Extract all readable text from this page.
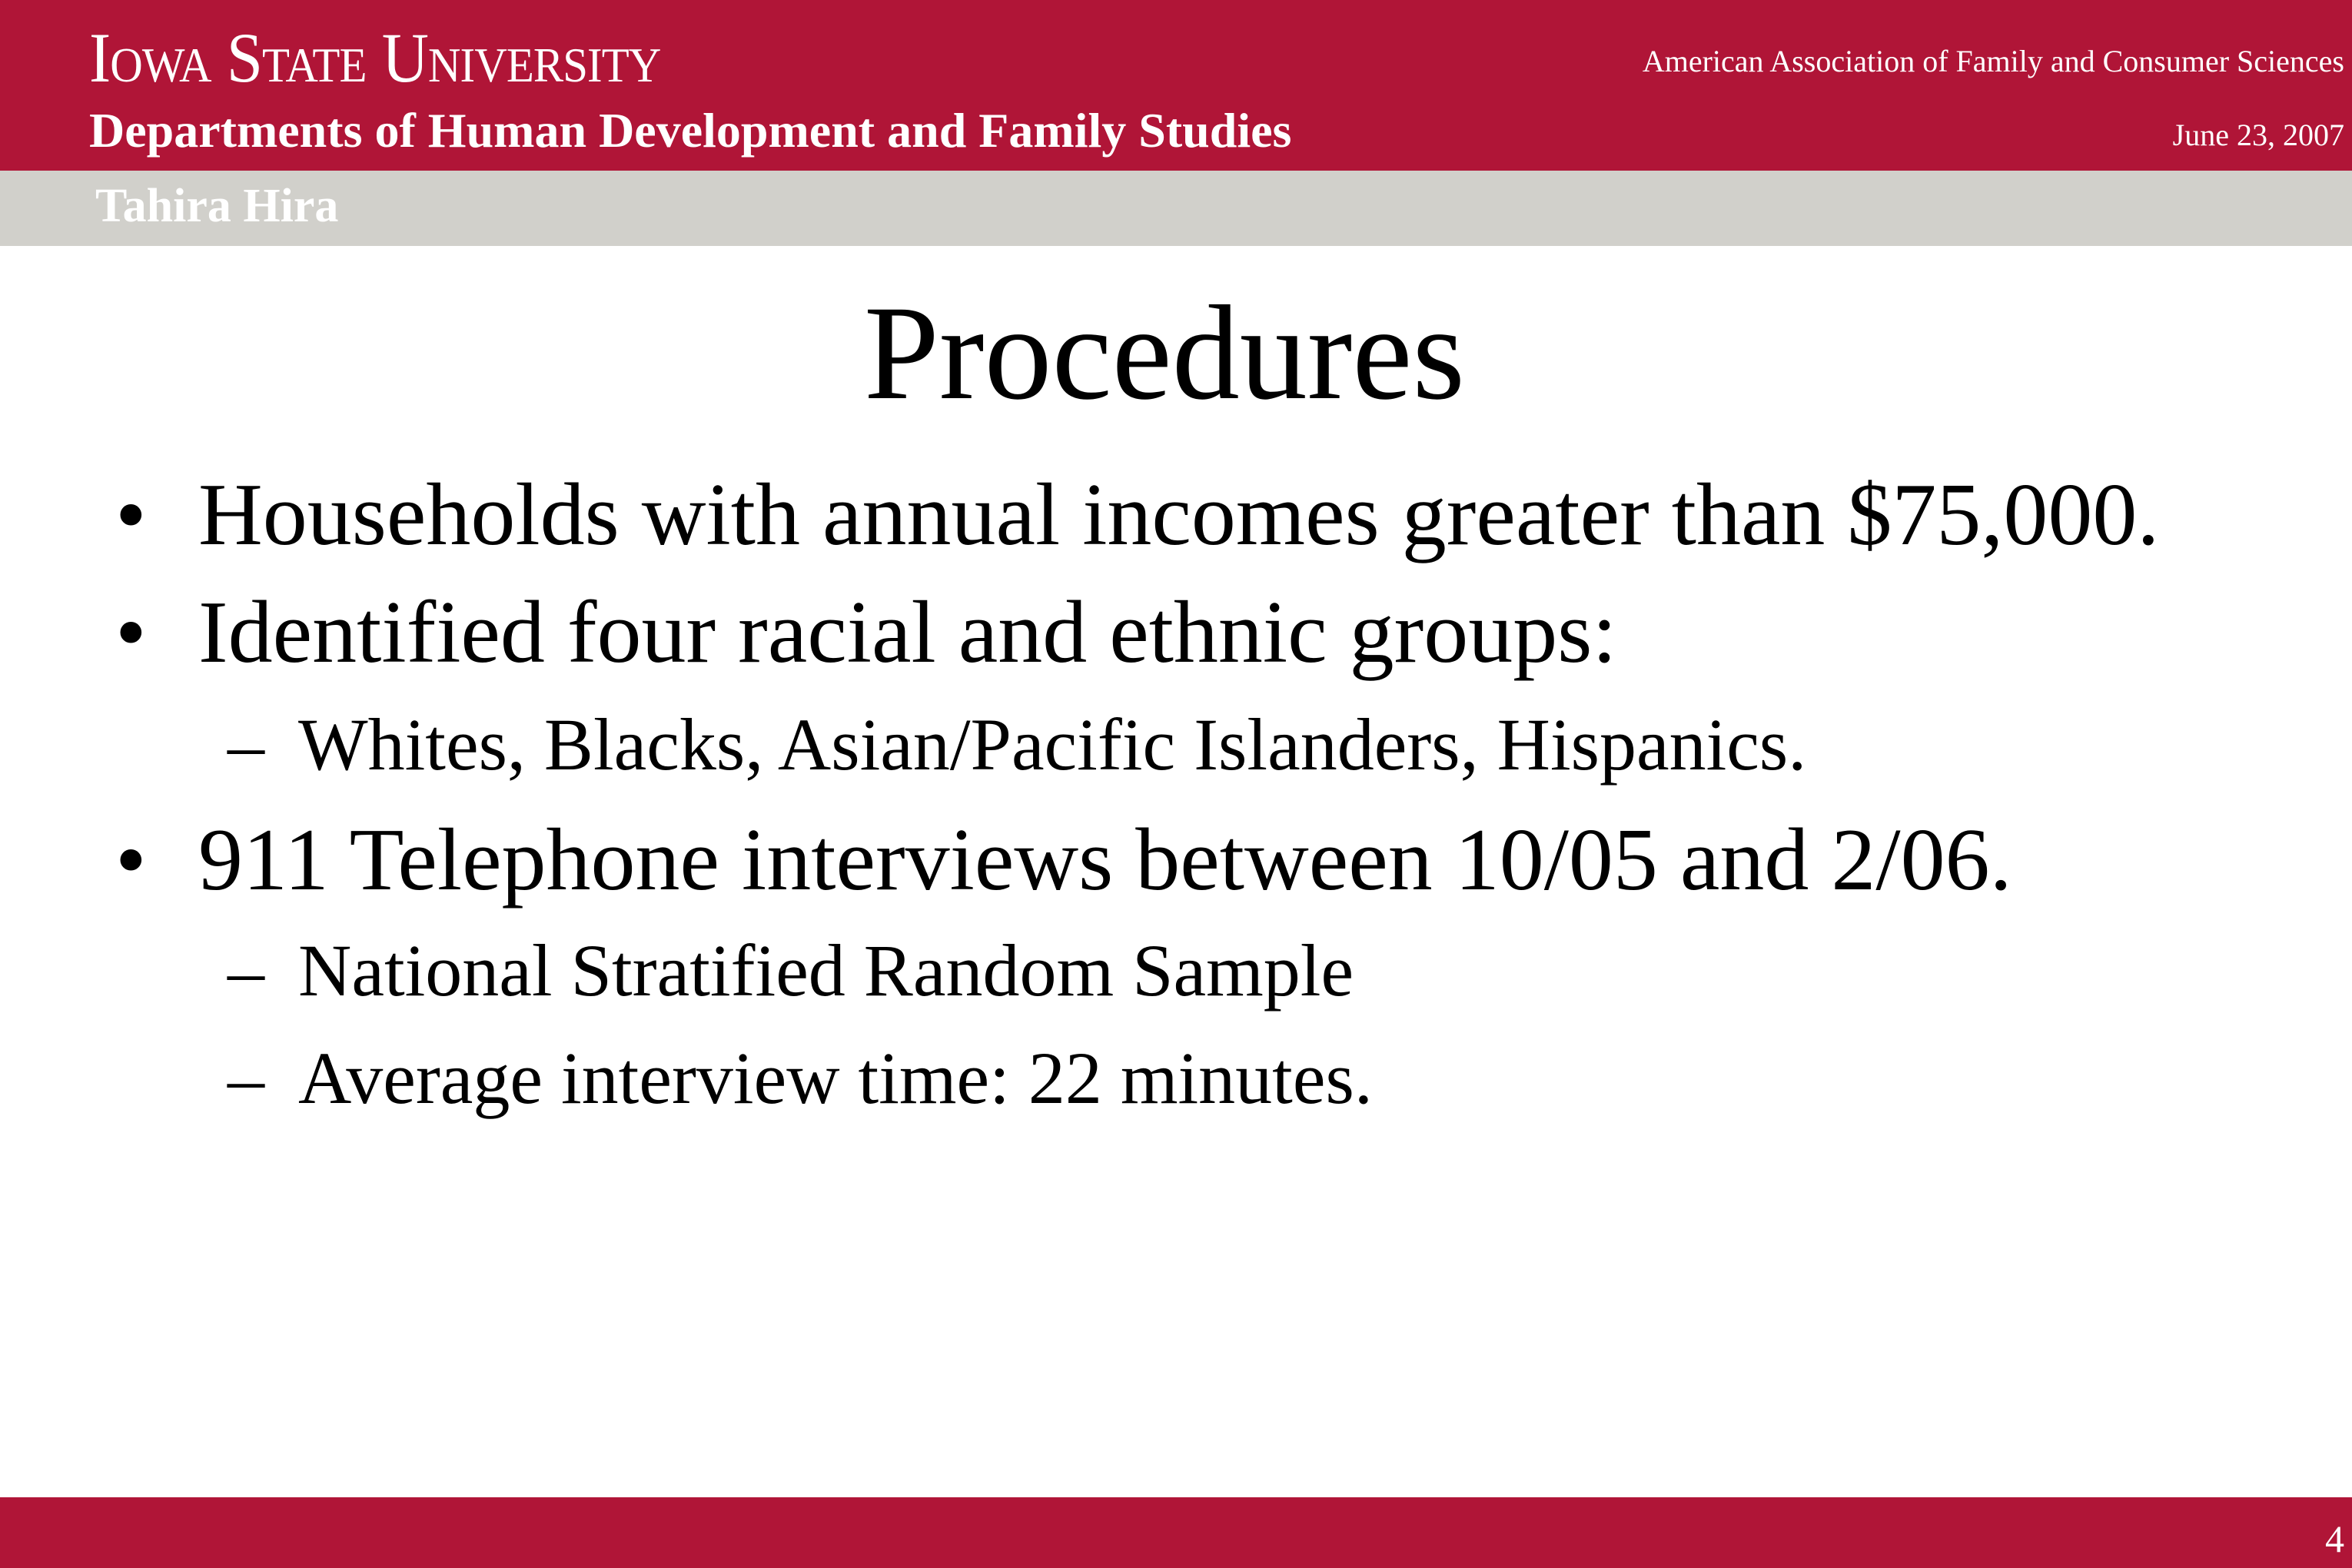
Iowa State University
Departments of Human Development and Family Studies
American Association of Family and Consumer Sciences
June 23, 2007
Tahira Hira
Procedures
• Households with annual incomes greater than $75,000.
• Identified four racial and ethnic groups:
– Whites, Blacks, Asian/Pacific Islanders, Hispanics.
• 911 Telephone interviews between 10/05 and 2/06.
– National Stratified Random Sample
– Average interview time: 22 minutes.
4
